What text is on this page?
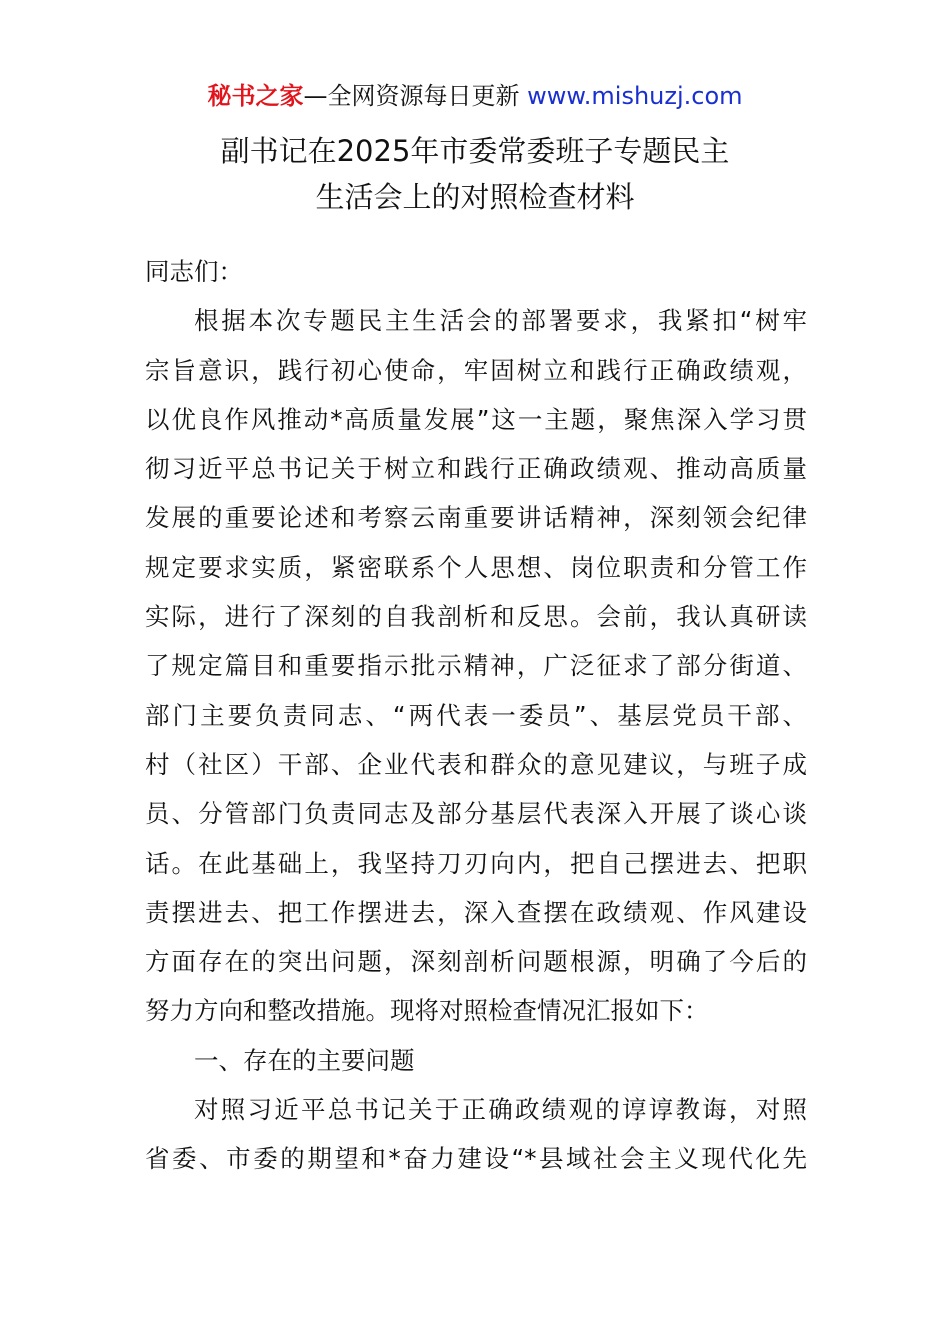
秘书之家—全网资源每日更新 www.mishuzj.com
副书记在2025年市委常委班子专题民主
生活会上的对照检查材料
同志们：
根据本次专题民主生活会的部署要求，我紧扣“树牢
宗旨意识，践行初心使命，牢固树立和践行正确政绩观，
以优良作风推动*高质量发展”这一主题，聚焦深入学习贯
彻习近平总书记关于树立和践行正确政绩观、推动高质量
发展的重要论述和考察云南重要讲话精神，深刻领会纪律
规定要求实质，紧密联系个人思想、岗位职责和分管工作
实际，进行了深刻的自我剖析和反思。会前，我认真研读
了规定篇目和重要指示批示精神，广泛征求了部分街道、
部门主要负责同志、“两代表一委员”、基层党员干部、
村（社区）干部、企业代表和群众的意见建议，与班子成
员、分管部门负责同志及部分基层代表深入开展了谈心谈
话。在此基础上，我坚持刀刃向内，把自己摆进去、把职
责摆进去、把工作摆进去，深入查摆在政绩观、作风建设
方面存在的突出问题，深刻剖析问题根源，明确了今后的
努力方向和整改措施。现将对照检查情况汇报如下：
一、存在的主要问题
对照习近平总书记关于正确政绩观的谆谆教诲，对照
省委、市委的期望和*奋力建设“*县域社会主义现代化先
